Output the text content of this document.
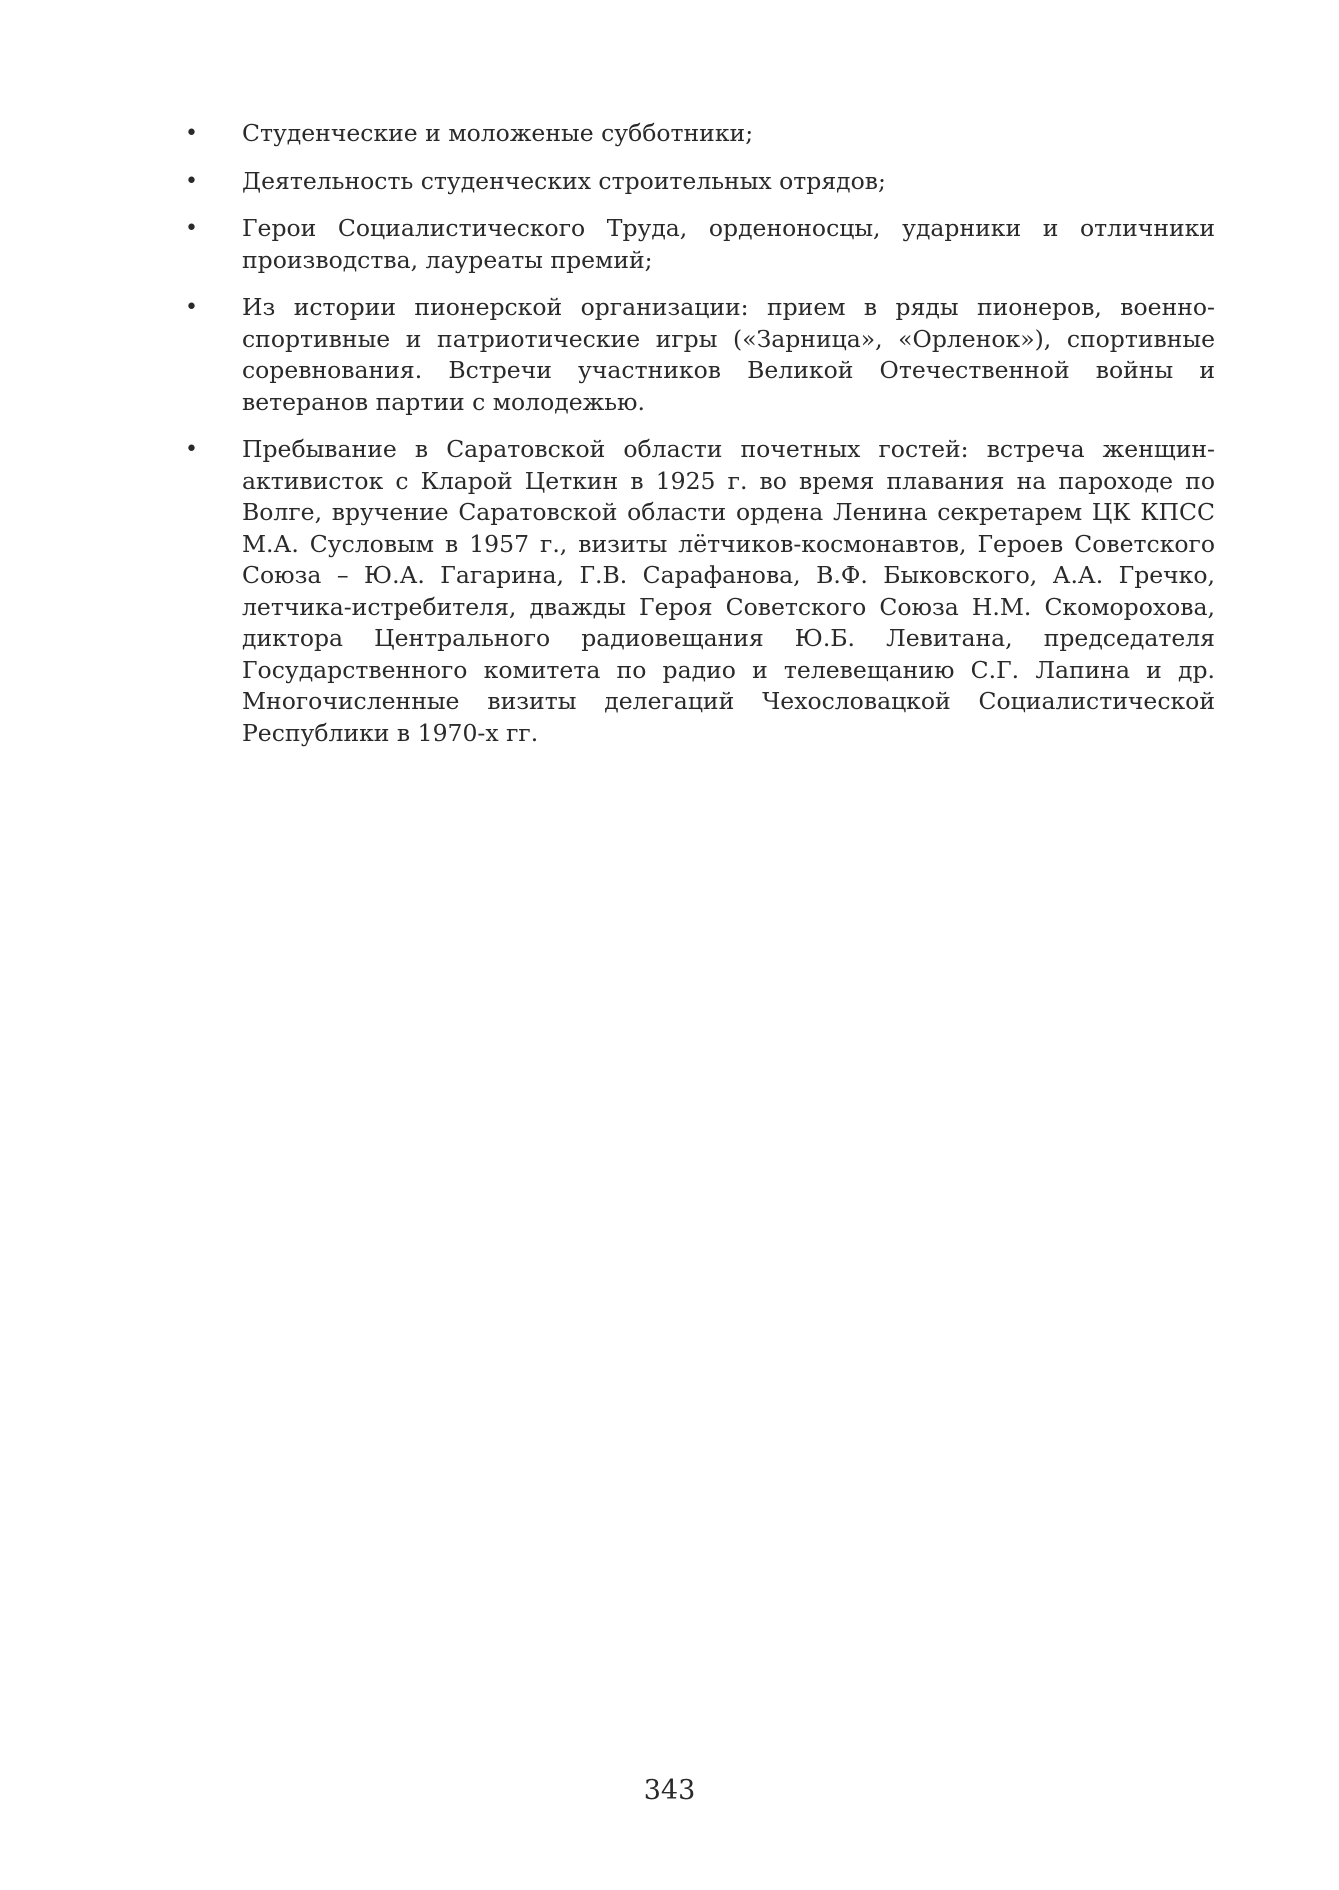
• Студенческие и моложеные субботники;
• Деятельность студенческих строительных отрядов;
• Герои Социалистического Труда, орденоносцы, ударники и отличники производства, лауреаты премий;
• Из истории пионерской организации: прием в ряды пионеров, военно-спортивные и патриотические игры («Зарница», «Орленок»), спортивные соревнования. Встречи участников Великой Отечественной войны и ветеранов партии с молодежью.
• Пребывание в Саратовской области почетных гостей: встреча женщин-активисток с Кларой Цеткин в 1925 г. во время плавания на пароходе по Волге, вручение Саратовской области ордена Ленина секретарем ЦК КПСС М.А. Сусловым в 1957 г., визиты лётчиков-космонавтов, Героев Советского Союза – Ю.А. Гагарина, Г.В. Сарафанова, В.Ф. Быковского, А.А. Гречко, летчика-истребителя, дважды Героя Советского Союза Н.М. Скоморохова, диктора Центрального радиовещания Ю.Б. Левитана, председателя Государственного комитета по радио и телевещанию С.Г. Лапина и др. Многочисленные визиты делегаций Чехословацкой Социалистической Республики в 1970-х гг.

343
